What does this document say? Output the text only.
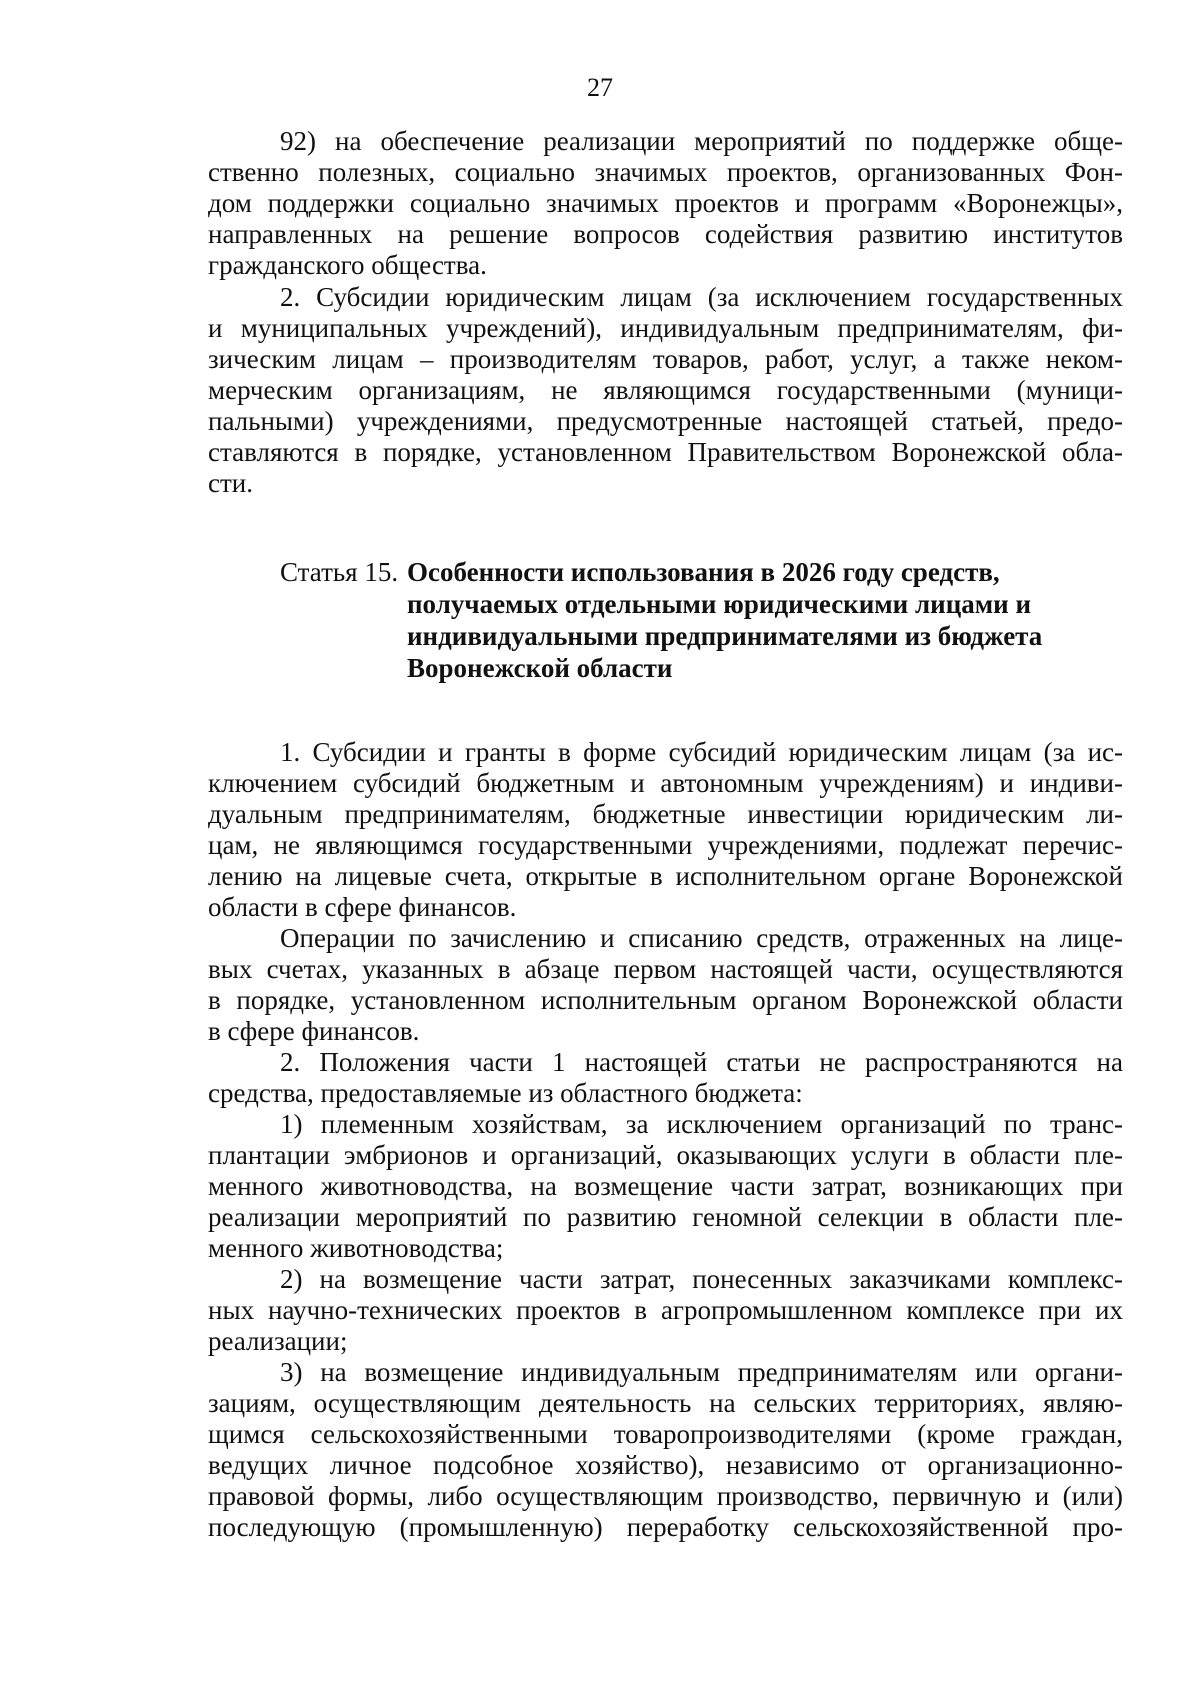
27
92) на обеспечение реализации мероприятий по поддержке обще-
ственно полезных, социально значимых проектов, организованных Фон-
дом поддержки социально значимых проектов и программ «Воронежцы»,
направленных на решение вопросов содействия развитию институтов
гражданского общества.
2. Субсидии юридическим лицам (за исключением государственных
и муниципальных учреждений), индивидуальным предпринимателям, фи-
зическим лицам – производителям товаров, работ, услуг, а также неком-
мерческим организациям, не являющимся государственными (муници-
пальными) учреждениями, предусмотренные настоящей статьей, предо-
ставляются в порядке, установленном Правительством Воронежской обла-
сти.
Статья 15. Особенности использования в 2026 году средств,
получаемых отдельными юридическими лицами и
индивидуальными предпринимателями из бюджета
Воронежской области
1. Субсидии и гранты в форме субсидий юридическим лицам (за ис-
ключением субсидий бюджетным и автономным учреждениям) и индиви-
дуальным предпринимателям, бюджетные инвестиции юридическим ли-
цам, не являющимся государственными учреждениями, подлежат перечис-
лению на лицевые счета, открытые в исполнительном органе Воронежской
области в сфере финансов.
Операции по зачислению и списанию средств, отраженных на лице-
вых счетах, указанных в абзаце первом настоящей части, осуществляются
в порядке, установленном исполнительным органом Воронежской области
в сфере финансов.
2. Положения части 1 настоящей статьи не распространяются на
средства, предоставляемые из областного бюджета:
1) племенным хозяйствам, за исключением организаций по транс-
плантации эмбрионов и организаций, оказывающих услуги в области пле-
менного животноводства, на возмещение части затрат, возникающих при
реализации мероприятий по развитию геномной селекции в области пле-
менного животноводства;
2) на возмещение части затрат, понесенных заказчиками комплекс-
ных научно-технических проектов в агропромышленном комплексе при их
реализации;
3) на возмещение индивидуальным предпринимателям или органи-
зациям, осуществляющим деятельность на сельских территориях, являю-
щимся сельскохозяйственными товаропроизводителями (кроме граждан,
ведущих личное подсобное хозяйство), независимо от организационно-
правовой формы, либо осуществляющим производство, первичную и (или)
последующую (промышленную) переработку сельскохозяйственной про-
